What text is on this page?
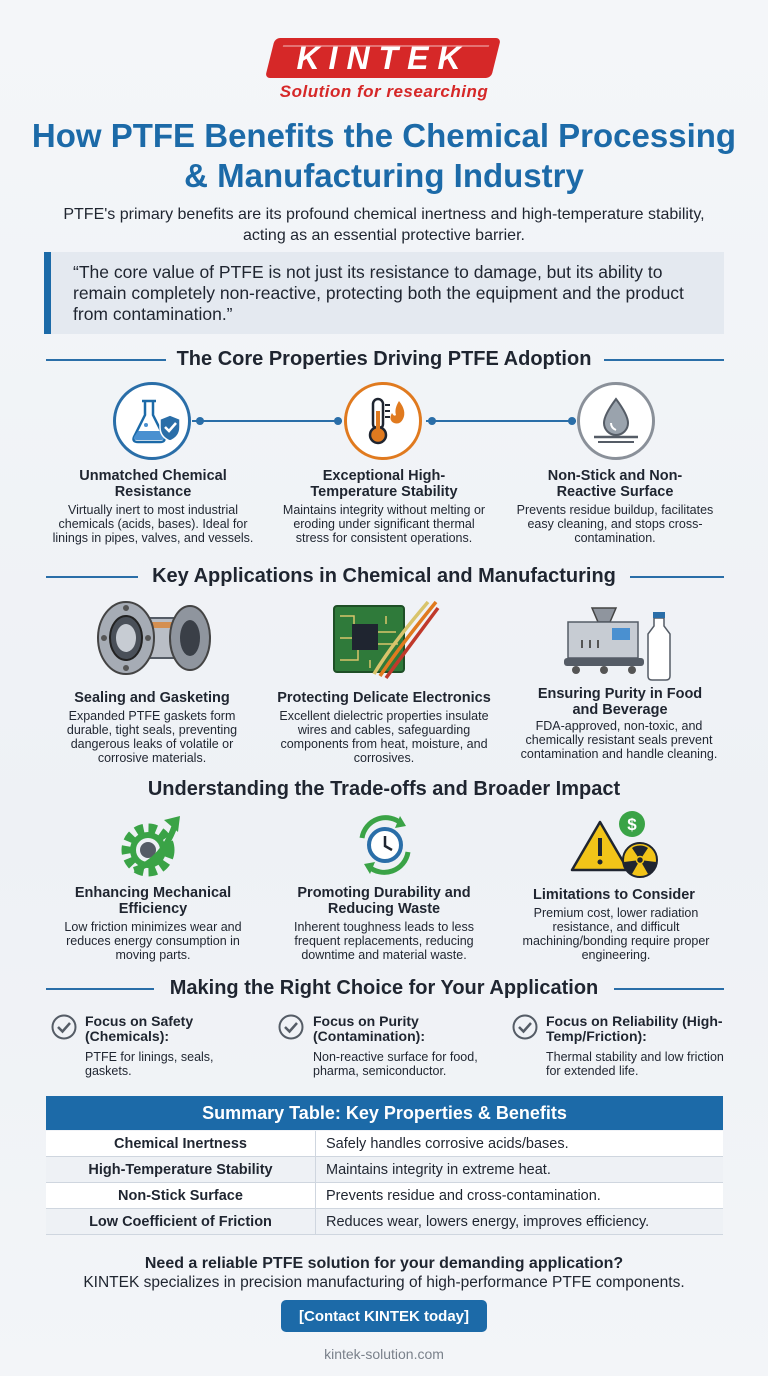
KINTEK
Solution for researching
How PTFE Benefits the Chemical Processing & Manufacturing Industry

PTFE's primary benefits are its profound chemical inertness and high-temperature stability, acting as an essential protective barrier.

“The core value of PTFE is not just its resistance to damage, but its ability to remain completely non-reactive, protecting both the equipment and the product from contamination.”

The Core Properties Driving PTFE Adoption
Unmatched Chemical Resistance
Virtually inert to most industrial chemicals (acids, bases). Ideal for linings in pipes, valves, and vessels.
Exceptional High-Temperature Stability
Maintains integrity without melting or eroding under significant thermal stress for consistent operations.
Non-Stick and Non-Reactive Surface
Prevents residue buildup, facilitates easy cleaning, and stops cross-contamination.
Key Applications in Chemical and Manufacturing
Sealing and Gasketing
Expanded PTFE gaskets form durable, tight seals, preventing dangerous leaks of volatile or corrosive materials.
Protecting Delicate Electronics
Excellent dielectric properties insulate wires and cables, safeguarding components from heat, moisture, and corrosives.
Ensuring Purity in Food and Beverage
FDA-approved, non-toxic, and chemically resistant seals prevent contamination and handle cleaning.
Understanding the Trade-offs and Broader Impact
$
Enhancing Mechanical Efficiency
Low friction minimizes wear and reduces energy consumption in moving parts.
Promoting Durability and Reducing Waste
Inherent toughness leads to less frequent replacements, reducing downtime and material waste.
Limitations to Consider
Premium cost, lower radiation resistance, and difficult machining/bonding require proper engineering.
Making the Right Choice for Your Application
Focus on Safety (Chemicals):
PTFE for linings, seals, gaskets.
Focus on Purity (Contamination):
Non-reactive surface for food, pharma, semiconductor.
Focus on Reliability (High-Temp/Friction):
Thermal stability and low friction for extended life.
Summary Table: Key Properties & Benefits
Chemical Inertness	Safely handles corrosive acids/bases.
High-Temperature Stability	Maintains integrity in extreme heat.
Non-Stick Surface	Prevents residue and cross-contamination.
Low Coefficient of Friction	Reduces wear, lowers energy, improves efficiency.
Need a reliable PTFE solution for your demanding application?
KINTEK specializes in precision manufacturing of high-performance PTFE components.
[Contact KINTEK today]
kintek-solution.com
